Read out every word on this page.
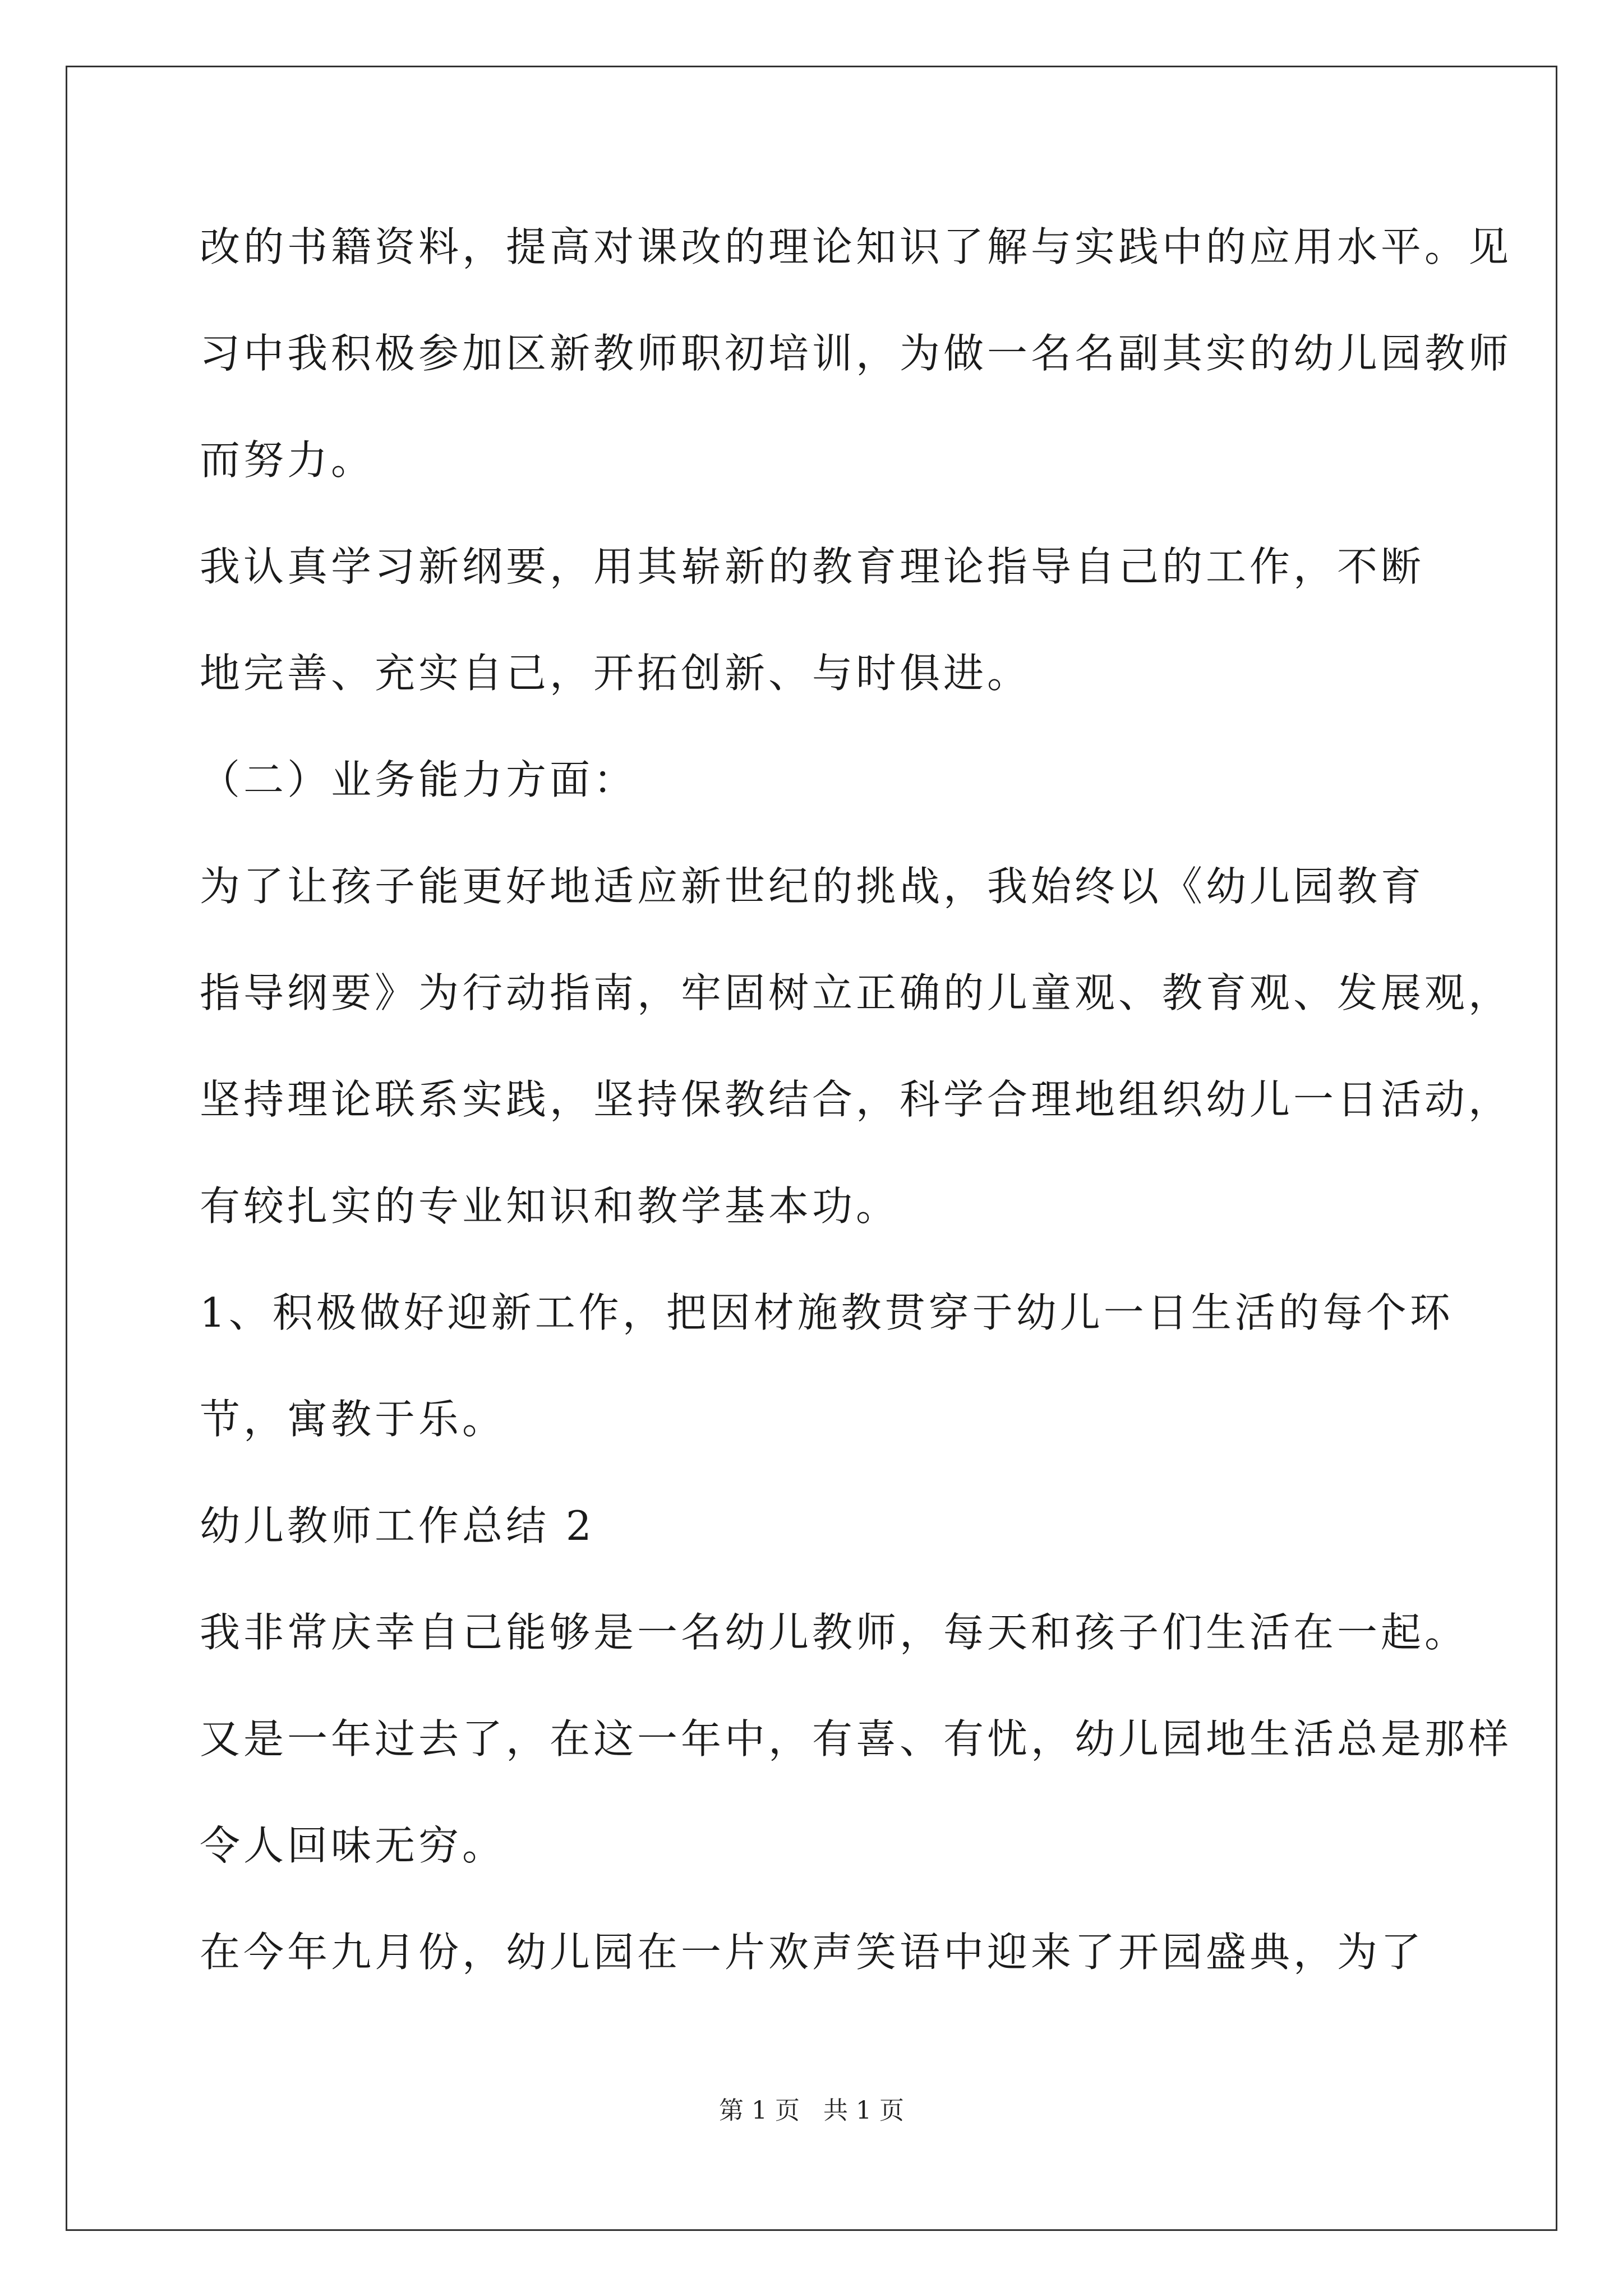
改的书籍资料，提高对课改的理论知识了解与实践中的应用水平。见
习中我积极参加区新教师职初培训，为做一名名副其实的幼儿园教师
而努力。
我认真学习新纲要，用其崭新的教育理论指导自己的工作，不断
地完善、充实自己，开拓创新、与时俱进。
（二）业务能力方面：
为了让孩子能更好地适应新世纪的挑战，我始终以《幼儿园教育
指导纲要》为行动指南，牢固树立正确的儿童观、教育观、发展观，
坚持理论联系实践，坚持保教结合，科学合理地组织幼儿一日活动，
有较扎实的专业知识和教学基本功。
1、积极做好迎新工作，把因材施教贯穿于幼儿一日生活的每个环
节，寓教于乐。
幼儿教师工作总结 2
我非常庆幸自己能够是一名幼儿教师，每天和孩子们生活在一起。
又是一年过去了，在这一年中，有喜、有忧，幼儿园地生活总是那样
令人回味无穷。
在今年九月份，幼儿园在一片欢声笑语中迎来了开园盛典，为了
第 1 页   共 1 页
